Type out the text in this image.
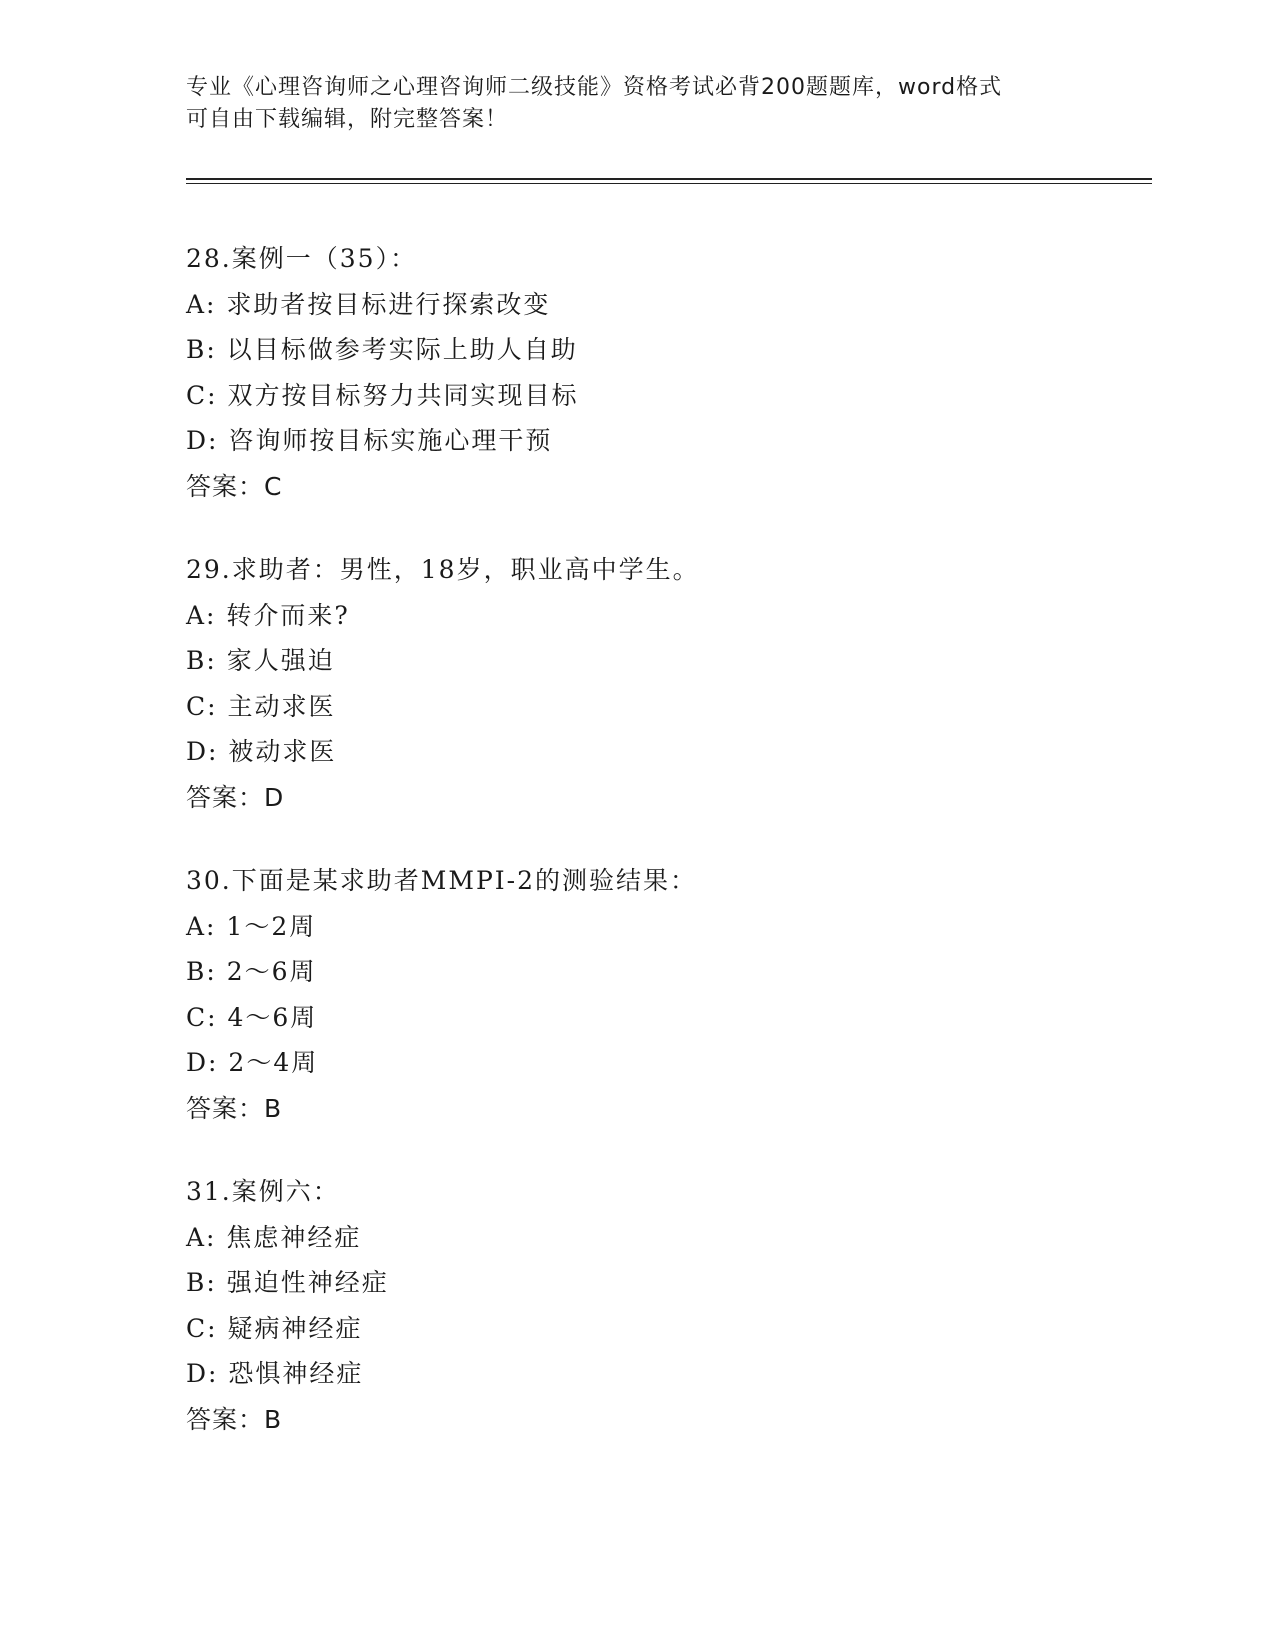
专业《心理咨询师之心理咨询师二级技能》资格考试必背200题题库，word格式
可自由下载编辑，附完整答案！
28.案例一（35）：
A: 求助者按目标进行探索改变
B: 以目标做参考实际上助人自助
C: 双方按目标努力共同实现目标
D: 咨询师按目标实施心理干预
答案：C
29.求助者：男性，18岁，职业高中学生。
A: 转介而来?
B: 家人强迫
C: 主动求医
D: 被动求医
答案：D
30.下面是某求助者MMPI-2的测验结果：
A: 1～2周
B: 2～6周
C: 4～6周
D: 2～4周
答案：B
31.案例六：
A: 焦虑神经症
B: 强迫性神经症
C: 疑病神经症
D: 恐惧神经症
答案：B
